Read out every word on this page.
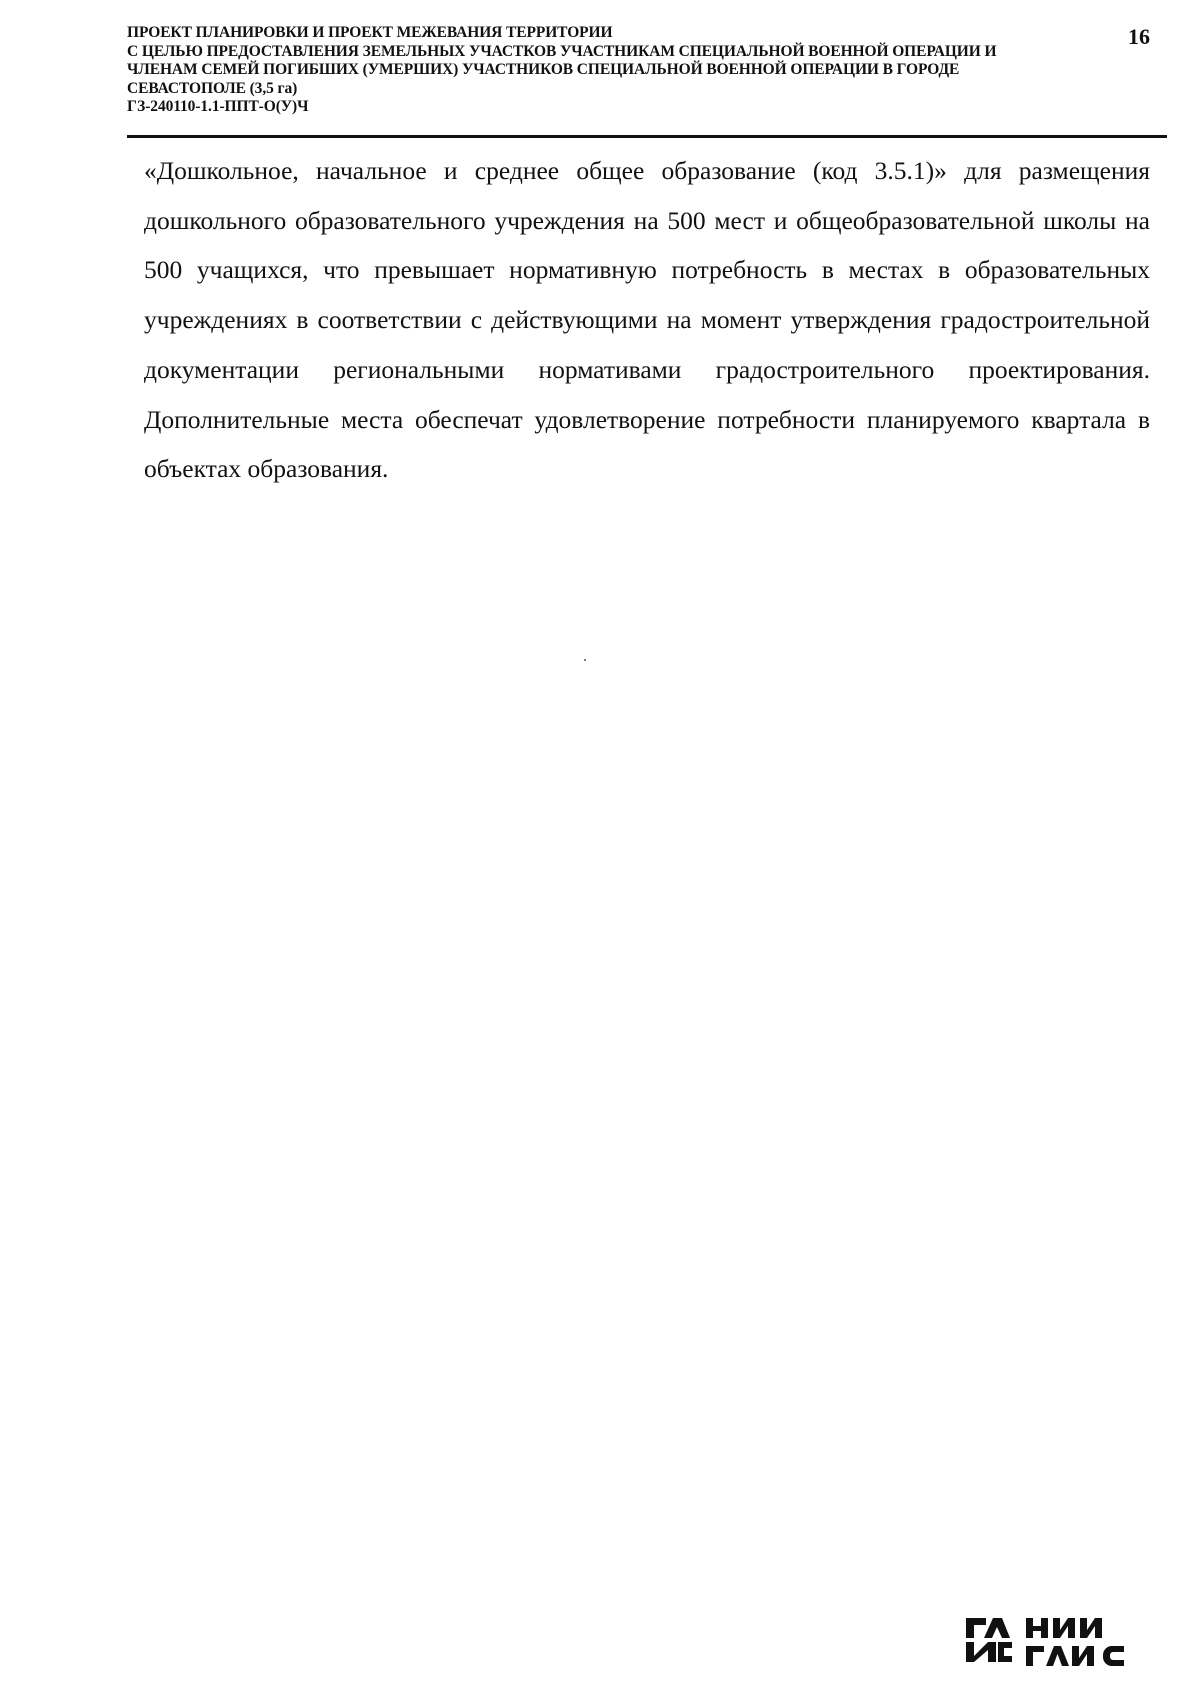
ПРОЕКТ ПЛАНИРОВКИ И ПРОЕКТ МЕЖЕВАНИЯ ТЕРРИТОРИИ
С ЦЕЛЬЮ ПРЕДОСТАВЛЕНИЯ ЗЕМЕЛЬНЫХ УЧАСТКОВ УЧАСТНИКАМ СПЕЦИАЛЬНОЙ ВОЕННОЙ ОПЕРАЦИИ И
ЧЛЕНАМ СЕМЕЙ ПОГИБШИХ (УМЕРШИХ) УЧАСТНИКОВ СПЕЦИАЛЬНОЙ ВОЕННОЙ ОПЕРАЦИИ В ГОРОДЕ
СЕВАСТОПОЛЕ (3,5 га)
ГЗ-240110-1.1-ППТ-О(У)Ч
16

«Дошкольное, начальное и среднее общее образование (код 3.5.1)» для размещения дошкольного образовательного учреждения на 500 мест и общеобразовательной школы на 500 учащихся, что превышает нормативную потребность в местах в образовательных учреждениях в соответствии с действующими на момент утверждения градостроительной документации региональными нормативами градостроительного проектирования. Дополнительные места обеспечат удовлетворение потребности планируемого квартала в объектах образования.
